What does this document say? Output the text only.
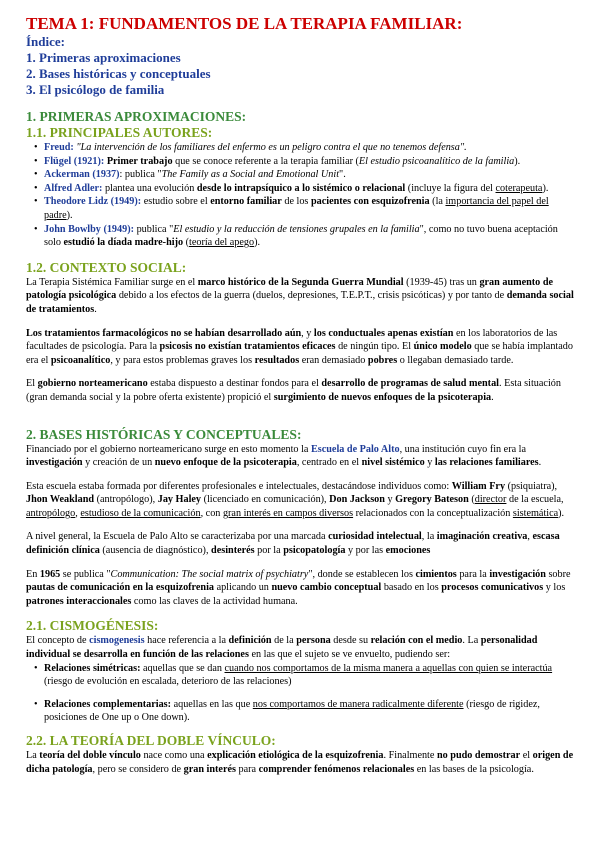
TEMA 1: FUNDAMENTOS DE LA TERAPIA FAMILIAR:
Índice:
1. Primeras aproximaciones
2. Bases históricas y conceptuales
3. El psicólogo de familia
1. PRIMERAS APROXIMACIONES:
1.1. PRINCIPALES AUTORES:
• Freud: "La intervención de los familiares del enfermo es un peligro contra el que no tenemos defensa".
• Flügel (1921): Primer trabajo que se conoce referente a la terapia familiar (El estudio psicoanalítico de la familia).
• Ackerman (1937): publica "The Family as a Social and Emotional Unit".
• Alfred Adler: plantea una evolución desde lo intrapsíquico a lo sistémico o relacional (incluye la figura del coterapeuta).
• Theodore Lidz (1949): estudio sobre el entorno familiar de los pacientes con esquizofrenia (la importancia del papel del padre).
• John Bowlby (1949): publica "El estudio y la reducción de tensiones grupales en la familia", como no tuvo buena aceptación solo estudió la díada madre-hijo (teoría del apego).
1.2. CONTEXTO SOCIAL:

La Terapia Sistémica Familiar surge en el marco histórico de la Segunda Guerra Mundial (1939-45) tras un gran aumento de patología psicológica debido a los efectos de la guerra (duelos, depresiones, T.E.P.T., crisis psicóticas) y por tanto de demanda social de tratamientos.

Los tratamientos farmacológicos no se habían desarrollado aún, y los conductuales apenas existían en los laboratorios de las facultades de psicología. Para la psicosis no existían tratamientos eficaces de ningún tipo. El único modelo que se había implantado era el psicoanalítico, y para estos problemas graves los resultados eran demasiado pobres o llegaban demasiado tarde.

El gobierno norteamericano estaba dispuesto a destinar fondos para el desarrollo de programas de salud mental. Esta situación (gran demanda social y la pobre oferta existente) propició el surgimiento de nuevos enfoques de la psicoterapia.

2. BASES HISTÓRICAS Y CONCEPTUALES:

Financiado por el gobierno norteamericano surge en esto momento la Escuela de Palo Alto, una institución cuyo fin era la investigación y creación de un nuevo enfoque de la psicoterapia, centrado en el nivel sistémico y las relaciones familiares.

Esta escuela estaba formada por diferentes profesionales e intelectuales, destacándose individuos como: William Fry (psiquiatra), Jhon Weakland (antropólogo), Jay Haley (licenciado en comunicación), Don Jackson y Gregory Bateson (director de la escuela, antropólogo, estudioso de la comunicación, con gran interés en campos diversos relacionados con la conceptualización sistemática).

A nivel general, la Escuela de Palo Alto se caracterizaba por una marcada curiosidad intelectual, la imaginación creativa, escasa definición clínica (ausencia de diagnóstico), desinterés por la psicopatología y por las emociones

En 1965 se publica "Communication: The social matrix of psychiatry", donde se establecen los cimientos para la investigación sobre pautas de comunicación en la esquizofrenia aplicando un nuevo cambio conceptual basado en los procesos comunicativos y los patrones interaccionales como las claves de la actividad humana.

2.1. CISMOGÉNESIS:

El concepto de cismogenesis hace referencia a la definición de la persona desde su relación con el medio. La personalidad individual se desarrolla en función de las relaciones en las que el sujeto se ve envuelto, pudiendo ser:

• Relaciones simétricas: aquellas que se dan cuando nos comportamos de la misma manera a aquellas con quien se interactúa (riesgo de evolución en escalada, deterioro de las relaciones)
• Relaciones complementarias: aquellas en las que nos comportamos de manera radicalmente diferente (riesgo de rigidez, posiciones de One up o One down).
2.2. LA TEORÍA DEL DOBLE VÍNCULO:

La teoría del doble vínculo nace como una explicación etiológica de la esquizofrenia. Finalmente no pudo demostrar el origen de dicha patología, pero se considero de gran interés para comprender fenómenos relacionales en las bases de la psicología.
